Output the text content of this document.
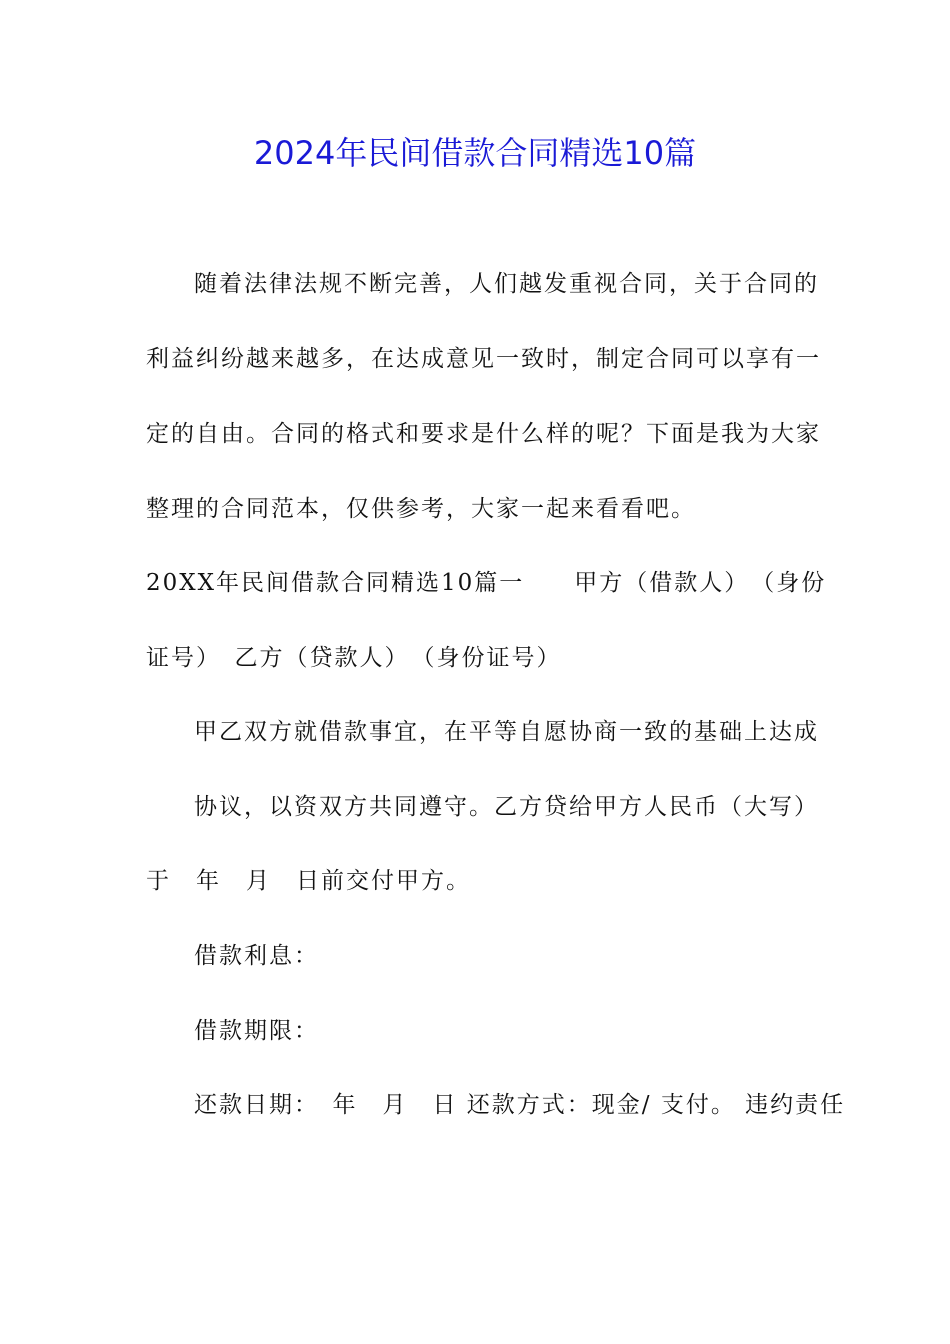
2024年民间借款合同精选10篇
随着法律法规不断完善，人们越发重视合同，关于合同的
利益纠纷越来越多，在达成意见一致时，制定合同可以享有一
定的自由。合同的格式和要求是什么样的呢？下面是我为大家
整理的合同范本，仅供参考，大家一起来看看吧。
20XX年民间借款合同精选10篇一　　甲方（借款人）　（身份
证号）　乙方（贷款人）　（身份证号）
甲乙双方就借款事宜，在平等自愿协商一致的基础上达成
协议，以资双方共同遵守。乙方贷给甲方人民币（大写）
于　年　月　日前交付甲方。
借款利息：
借款期限：
还款日期：　年　月　日 还款方式：现金/ 支付。 违约责任
